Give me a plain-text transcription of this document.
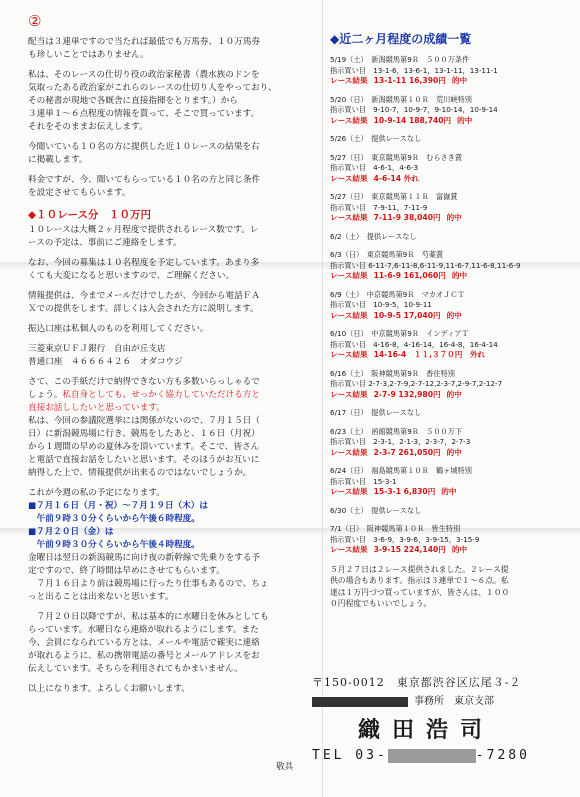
②
配当は３連単ですので当たれば最低でも万馬券、１０万馬券
も珍しいことではありません。
私は、そのレースの仕切り役の政治家秘書（農水族のドンを
気取ったある政治家がこれらのレースの仕切り人をやっており、
その秘書が現地で各厩舎に直接指揮をとります。）から
３連単１〜６点程度の情報を貰って、そこで買っています。
それをそのままお伝えします。
今聞いている１０名の方に提供した近１０レースの結果を右
に掲載します。
料金ですが、今、聞いてもらっている１０名の方と同じ条件
を設定させてもらいます。
◆１０レース分　１０万円
１０レースは大概２ヶ月程度で提供されるレース数です。レ
ースの予定は、事前にご連絡をします。
なお、今回の募集は１０名程度を予定しています。あまり多
くても大変になると思いますので、ご理解ください。
情報提供は、今までメールだけでしたが、今回から電話ＦＡ
Ｘでの提供をします。詳しくは入会された方に説明します。
振込口座は私個人のものを利用してください。
三菱東京ＵＦＪ銀行　自由が丘支店
普通口座　４６６６４２６　オダコウジ
さて、この手紙だけで納得できない方も多数いらっしゃるで
しょう。私自身としても、せっかく協力していただける方と
直接お話ししたいと思っています。
私は、今回の参議院選挙には関係がないので、７月１５日（
日）に新潟競馬場に行き、競馬をしたあと、１６日（月祝）
から１週間の早めの夏休みを頂いています。そこで、皆さん
と電話で直接お話をしたいと思います。そのほうがお互いに
納得した上で、情報提供が出来るのではないでしょうか。
これが今週の私の予定になります。
■７月１６日（月・祝）〜７月１９日（木）は
　午前９時３０分くらいから午後６時程度。
■７月２０日（金）は
　午前９時３０分くらいから午後４時程度。
金曜日は翌日の新潟競馬に向け夜の新幹線で先乗りをする予
定ですので、終了時間は早めにさせてもらいます。
　７月１６日より前は競馬場に行ったり仕事もあるので、ちょ
っと出ることは出来ないと思います。
　７月２０日以降ですが、私は基本的に水曜日を休みとしても
らっています。水曜日なら連絡が取れるようにします。また
今、会員になられている方とは、メールや電話で確実に連絡
が取れるように、私の携帯電話の番号とメールアドレスをお
伝えしています。そちらを利用されてもかまいません。
以上になります。よろしくお願いします。
◆近二ヶ月程度の成績一覧
5/19（土）　新潟競馬第9Ｒ　５００万条件
指示買い目　13-1-6，13-6-1，13-1-11，13-11-1
レース結果 13-1-11 16,390円 的中
5/20（日）　新潟競馬第１０Ｒ　荒川峡特別
指示買い目　9-10-7，10-9-7，9-10-14，10-9-14
レース結果 10-9-14 188,740円 的中
5/26（土）　提供レースなし
5/27（日）　東京競馬第9Ｒ　むらさき賞
指示買い目　4-6-1，4-6-3
レース結果 4-6-14 外れ
5/27（日）　東京競馬第１１Ｒ　富嶽賞
指示買い目　7-9-11，7-11-9
レース結果 7-11-9 38,040円 的中
6/2（土）　提供レースなし
6/3（日）　東京競馬第9Ｒ　芍薬賞
指示買い目 6-11-7,6-11-8,6-11-9,11-6-7,11-6-8,11-6-9
レース結果 11-6-9 161,060円 的中
6/9（土）　中京競馬第9Ｒ　マカオＪＣＴ
指示買い目　10-9-5，10-9-11
レース結果 10-9-5 17,040円 的中
6/10（日）　中京競馬第9Ｒ　インディアＴ
指示買い目　4-16-8，4-16-14，16-4-8，16-4-14
レース結果 14-16-4　１１,３７０円　外れ
6/16（土）　阪神競馬第9Ｒ　香住特別
指示買い目 2-7-3,2-7-9,2-7-12,2-3-7,2-9-7,2-12-7
レース結果 2-7-9 132,980円 的中
6/17（日）　提供レースなし
6/23（土）　函館競馬第9Ｒ　５００万下
指示買い目　2-3-1，2-1-3，2-3-7，2-7-3
レース結果 2-3-7 261,050円 的中
6/24（日）　福島競馬第１０Ｒ　鶴ヶ城特別
指示買い目　15-3-1
レース結果 15-3-1 6,830円 的中
6/30（土）　提供レースなし
7/1（日）　阪神競馬第１０Ｒ　皆生特別
指示買い目　3-6-9，3-9-6，3-9-15，3-15-9
レース結果 3-9-15 224,140円 的中
５月２７日は２レース提供されました。２レース提
供の場合もあります。指示は３連単で１〜６点。私
達は１万円づつ買っていますが、皆さんは、１００
０円程度でもいいでしょう。
〒150-0012　東京都渋谷区広尾３-２
事務所　東京支部
織田浩司
TEL 03-	-7280
敬具
